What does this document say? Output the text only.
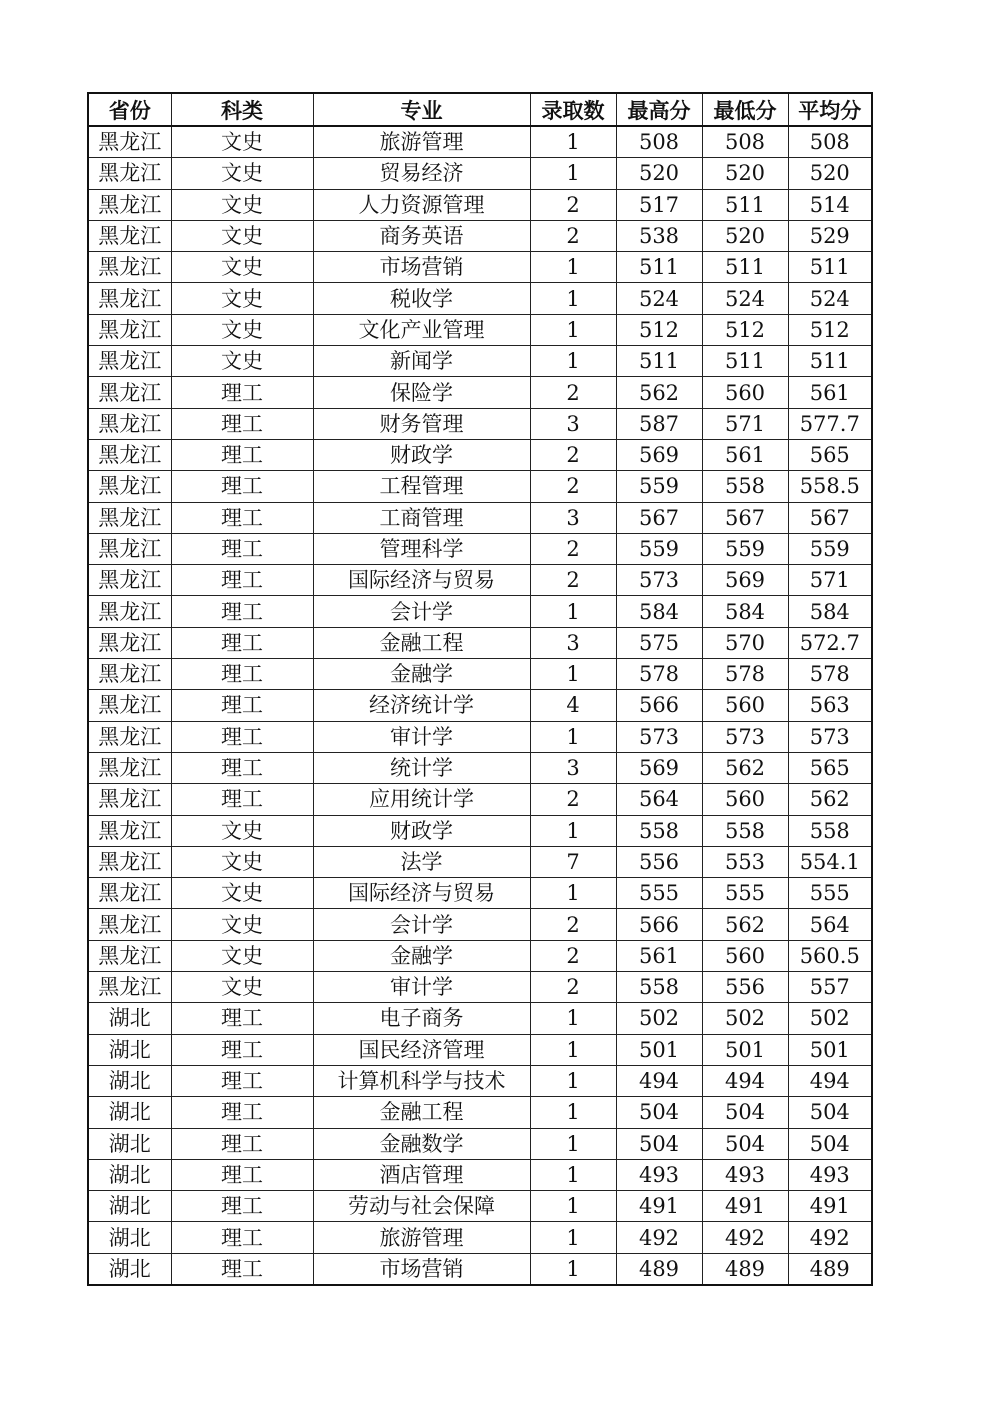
省份	科类	专业	录取数	最高分	最低分	平均分
黑龙江	文史	旅游管理	1	508	508	508
黑龙江	文史	贸易经济	1	520	520	520
黑龙江	文史	人力资源管理	2	517	511	514
黑龙江	文史	商务英语	2	538	520	529
黑龙江	文史	市场营销	1	511	511	511
黑龙江	文史	税收学	1	524	524	524
黑龙江	文史	文化产业管理	1	512	512	512
黑龙江	文史	新闻学	1	511	511	511
黑龙江	理工	保险学	2	562	560	561
黑龙江	理工	财务管理	3	587	571	577.7
黑龙江	理工	财政学	2	569	561	565
黑龙江	理工	工程管理	2	559	558	558.5
黑龙江	理工	工商管理	3	567	567	567
黑龙江	理工	管理科学	2	559	559	559
黑龙江	理工	国际经济与贸易	2	573	569	571
黑龙江	理工	会计学	1	584	584	584
黑龙江	理工	金融工程	3	575	570	572.7
黑龙江	理工	金融学	1	578	578	578
黑龙江	理工	经济统计学	4	566	560	563
黑龙江	理工	审计学	1	573	573	573
黑龙江	理工	统计学	3	569	562	565
黑龙江	理工	应用统计学	2	564	560	562
黑龙江	文史	财政学	1	558	558	558
黑龙江	文史	法学	7	556	553	554.1
黑龙江	文史	国际经济与贸易	1	555	555	555
黑龙江	文史	会计学	2	566	562	564
黑龙江	文史	金融学	2	561	560	560.5
黑龙江	文史	审计学	2	558	556	557
湖北	理工	电子商务	1	502	502	502
湖北	理工	国民经济管理	1	501	501	501
湖北	理工	计算机科学与技术	1	494	494	494
湖北	理工	金融工程	1	504	504	504
湖北	理工	金融数学	1	504	504	504
湖北	理工	酒店管理	1	493	493	493
湖北	理工	劳动与社会保障	1	491	491	491
湖北	理工	旅游管理	1	492	492	492
湖北	理工	市场营销	1	489	489	489
